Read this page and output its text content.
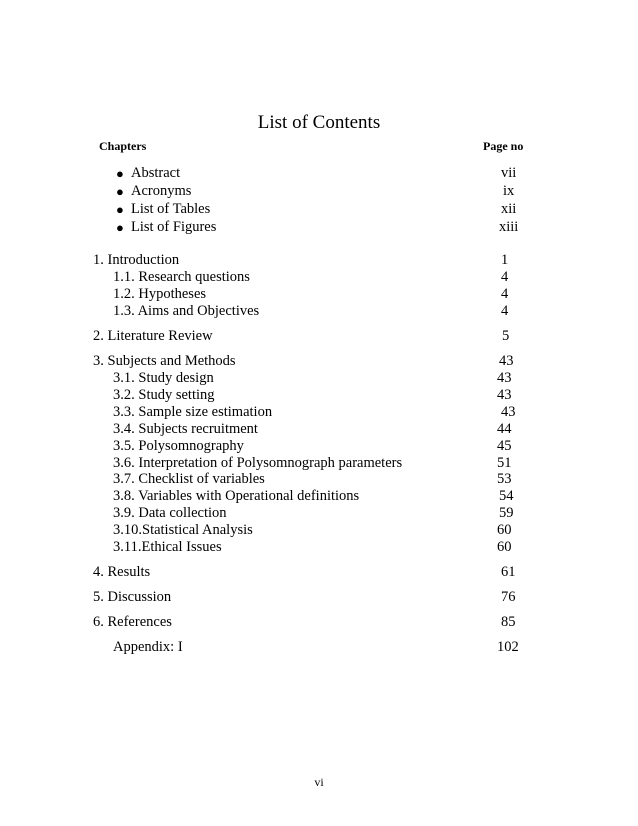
List of Contents
Chapters	Page no
● Abstract	vii
● Acronyms	ix
● List of Tables	xii
● List of Figures	xiii
1. Introduction	1
1.1. Research questions	4
1.2. Hypotheses	4
1.3. Aims and Objectives	4
2. Literature Review	5
3. Subjects and Methods	43
3.1. Study design	43
3.2. Study setting	43
3.3. Sample size estimation	43
3.4. Subjects recruitment	44
3.5. Polysomnography	45
3.6. Interpretation of Polysomnograph parameters	51
3.7. Checklist of variables	53
3.8. Variables with Operational definitions	54
3.9. Data collection	59
3.10.Statistical Analysis	60
3.11.Ethical Issues	60
4. Results	61
5. Discussion	76
6. References	85
Appendix: I	102
vi
